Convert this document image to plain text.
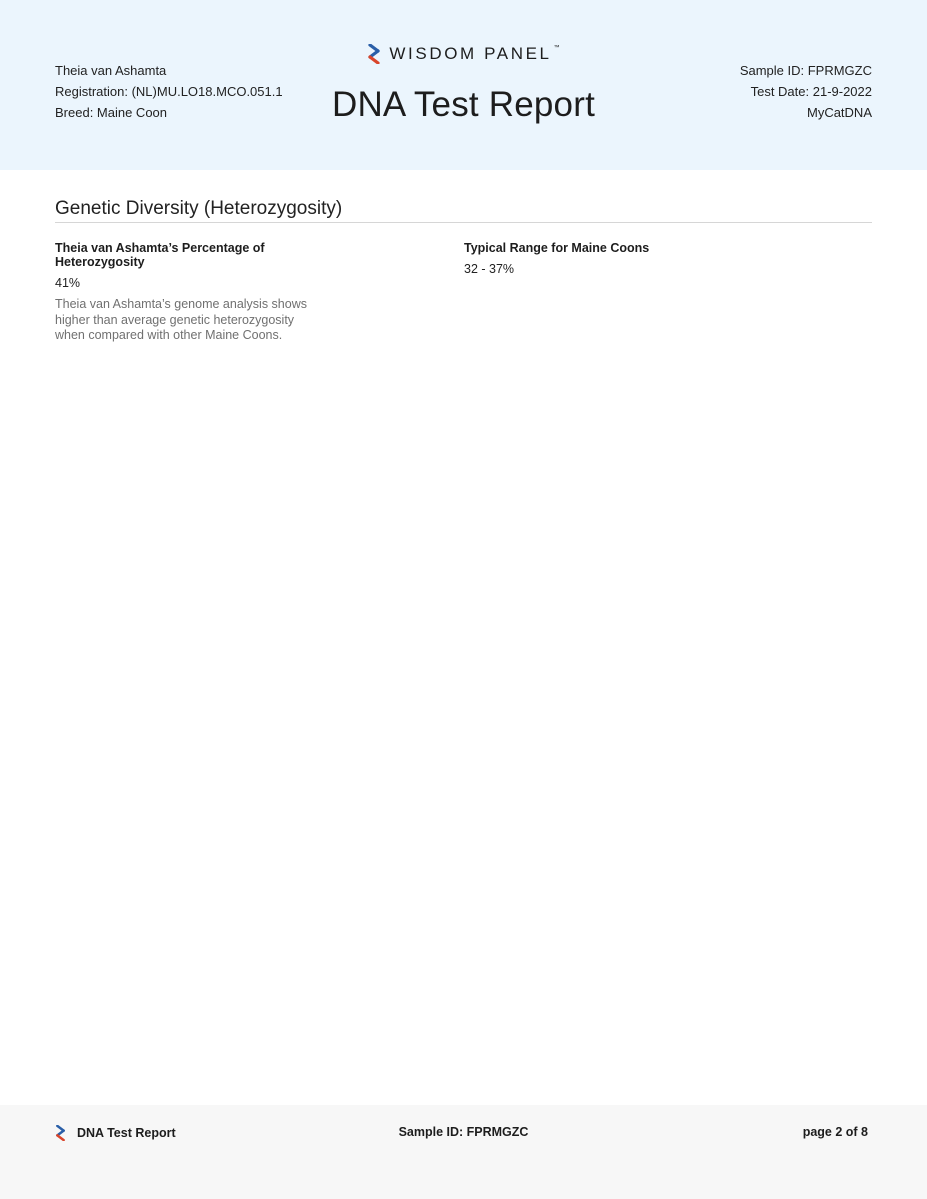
Theia van Ashamta
Registration: (NL)MU.LO18.MCO.051.1
Breed: Maine Coon
WISDOM PANEL ™
DNA Test Report
Sample ID: FPRMGZC
Test Date: 21-9-2022
MyCatDNA
Genetic Diversity (Heterozygosity)
Theia van Ashamta’s Percentage of Heterozygosity
41%
Theia van Ashamta’s genome analysis shows higher than average genetic heterozygosity when compared with other Maine Coons.
Typical Range for Maine Coons
32 - 37%
DNA Test Report	Sample ID: FPRMGZC	page 2 of 8
